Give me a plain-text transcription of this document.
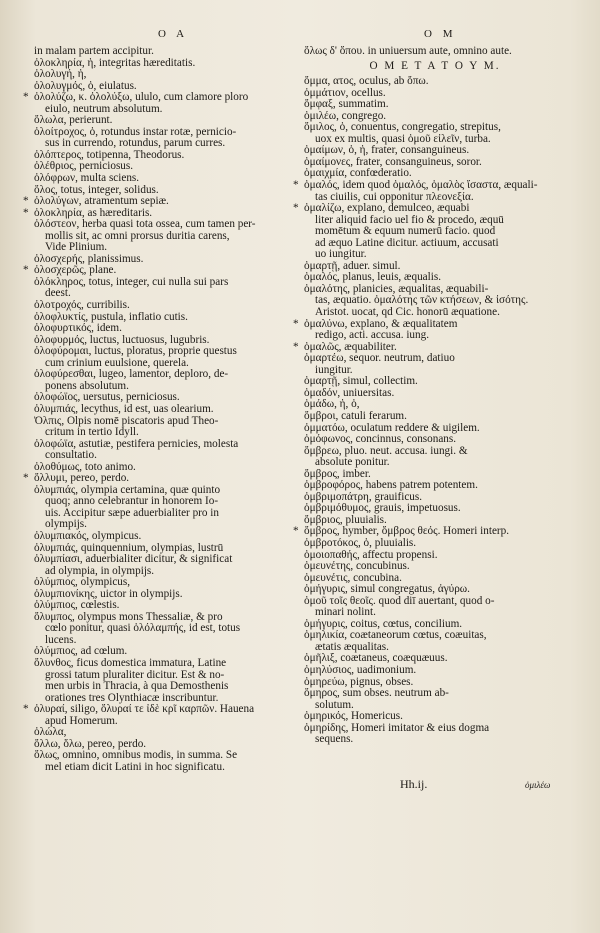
O A	O M
in malam partem accipitur.
ὀλοκληρία, ἡ, integritas hæreditatis.
ὀλολυγή, ἡ,
ὀλολυγμός, ὁ, eiulatus.
* ὀλολύζω, κ. ὀλολύξω, ululo, cum clamore ploro
eiulo, neutrum absolutum.
ὄλωλα, perierunt.
ὀλοίτροχος, ὁ, rotundus instar rotæ, pernicio-
sus in currendo, rotundus, parum curres.
ὀλόπτερος, totipenna, Theodorus.
ὀλέθριος, perniciosus.
ὀλόφρων, multa sciens.
ὅλος, totus, integer, solidus.
* ὀλολύγων, atramentum sepiæ.
* ὀλοκληρία, as hæreditaris.
ὀλόστεον, herba quasi tota ossea, cum tamen per-
mollis sit, ac omni prorsus duritia carens,
Vide Plinium.
ὀλοσχερής, planissimus.
* ὀλοσχερῶς, plane.
ὀλόκληρος, totus, integer, cui nulla sui pars
deest.
ὀλοτροχός, curribilis.
ὀλοφλυκτίς, pustula, inflatio cutis.
ὀλοφυρτικός, idem.
ὀλοφυρμός, luctus, luctuosus, lugubris.
ὀλοφύρομαι, luctus, ploratus, proprie questus
cum crinium euulsione, querela.
ὀλοφύρεσθαι, lugeo, lamentor, deploro, de-
ponens absolutum.
ὀλοφώϊος, uersutus, perniciosus.
ὀλυμπιάς, lecythus, id est, uas olearium.
Ὀλπις, Olpis nomē piscatoris apud Theo-
critum in tertio Idyll.
ὀλοφώϊα, astutiæ, pestifera pernicies, molesta
consultatio.
ὀλοθύμως, toto animo.
* ὄλλυμι, pereo, perdo.
ὀλυμπιάς, olympia certamina, quæ quinto
quoq; anno celebrantur in honorem Io-
uis. Accipitur sæpe aduerbialiter pro in
olympijs.
ὀλυμπιακός, olympicus.
ὀλυμπιάς, quinquennium, olympias, lustrū
ὀλυμπίασι, aduerbialiter dicitur, & significat
ad olympia, in olympijs.
ὀλύμπιος, olympicus,
ὀλυμπιονίκης, uictor in olympijs.
ὀλύμπιος, cœlestis.
ὄλυμπος, olympus mons Thessaliæ, & pro
cœlo ponitur, quasi ὁλόλαμπής, id est, totus
lucens.
ὀλύμπιος, ad cœlum.
ὄλυνθος, ficus domestica immatura, Latine
grossi tatum pluraliter dicitur. Est & no-
men urbis in Thracia, à qua Demosthenis
orationes tres Olynthiacæ inscribuntur.
* ὀλυραί, siligo, ὅλυραί τε ἰδὲ κρῖ καρπῶν. Hauena
apud Homerum.
ὀλώλα,
ὄλλω, ὅλω, pereo, perdo.
ὅλως, omnino, omnibus modis, in summa. Se
mel etiam dicit Latini in hoc significatu.
ὅλως δ' ὅπου. in uniuersum aute, omnino aute.
O M E T A T O Y M.
ὄμμα, ατος, oculus, ab ὄπω.
ὀμμάτιον, ocellus.
ὄμφαξ, summatim.
ὁμιλέω, congrego.
ὅμιλος, ὁ, conuentus, congregatio, strepitus,
uox ex multis, quasi ὁμοῦ εἰλεῖν, turba.
ὁμαίμων, ὁ, ἡ, frater, consanguineus.
ὁμαίμονες, frater, consanguineus, soror.
ὁμαιχμία, confœderatio.
* ὁμαλός, idem quod ὁμαλός, ὁμαλὸς ἴσαστα, æquali-
tas ciuilis, cui opponitur πλεονεξία.
* ὁμαλίζω, explano, demulceo, æquabi
liter aliquid facio uel fio & procedo, æquū
momētum & equum numerū facio. quod
ad æquo Latine dicitur. actiuum, accusati
uo iungitur.
ὁμαρτῇ, aduer. simul.
ὁμαλός, planus, leuis, æqualis.
ὁμαλότης, planicies, æqualitas, æquabili-
tas, æquatio. ὁμαλότης τῶν κτήσεων, & ἰσότης.
Aristot. uocat, qd Cic. honorū æquatione.
* ὁμαλύνω, explano, & æqualitatem
redigo, acti. accusa. iung.
* ὁμαλῶς, æquabiliter.
ὁμαρτέω, sequor. neutrum, datiuo
iungitur.
ὁμαρτῇ, simul, collectim.
ὁμαδόν, uniuersitas.
ὁμάδω, ἡ, ὁ,
ὄμβροι, catuli ferarum.
ὀμματόω, oculatum reddere & uigilem.
ὁμόφωνος, concinnus, consonans.
ὄμβρεω, pluo. neut. accusa. iungi. &
absolute ponitur.
ὄμβρος, imber.
ὀμβροφόρος, habens patrem potentem.
ὀμβριμοπάτρη, grauificus.
ὀμβριμόθυμος, grauis, impetuosus.
ὄμβριος, pluuialis.
* ὄμβρος, hymber, ὄμβρος θεός. Homeri interp.
ὀμβροτόκος, ὁ, pluuialis.
ὁμοιοπαθής, affectu propensi.
ὁμευνέτης, concubinus.
ὁμευνέτις, concubina.
ὁμήγυρις, simul congregatus, ἀγύρω.
ὁμοῦ τοῖς θεοῖς. quod diī auertant, quod o-
minari nolint.
ὁμήγυρις, coitus, cœtus, concilium.
ὁμηλικία, coætaneorum cœtus, coæuitas,
ætatis æqualitas.
ὁμῆλιξ, coætaneus, coæquæuus.
ὁμηλύσιος, uadimonium.
ὁμηρεύω, pignus, obses.
ὅμηρος, sum obses. neutrum ab-
solutum.
ὁμηρικός, Homericus.
ὁμηρίδης, Homeri imitator & eius dogma
sequens.
Hh.ij.	ὀμιλέω
